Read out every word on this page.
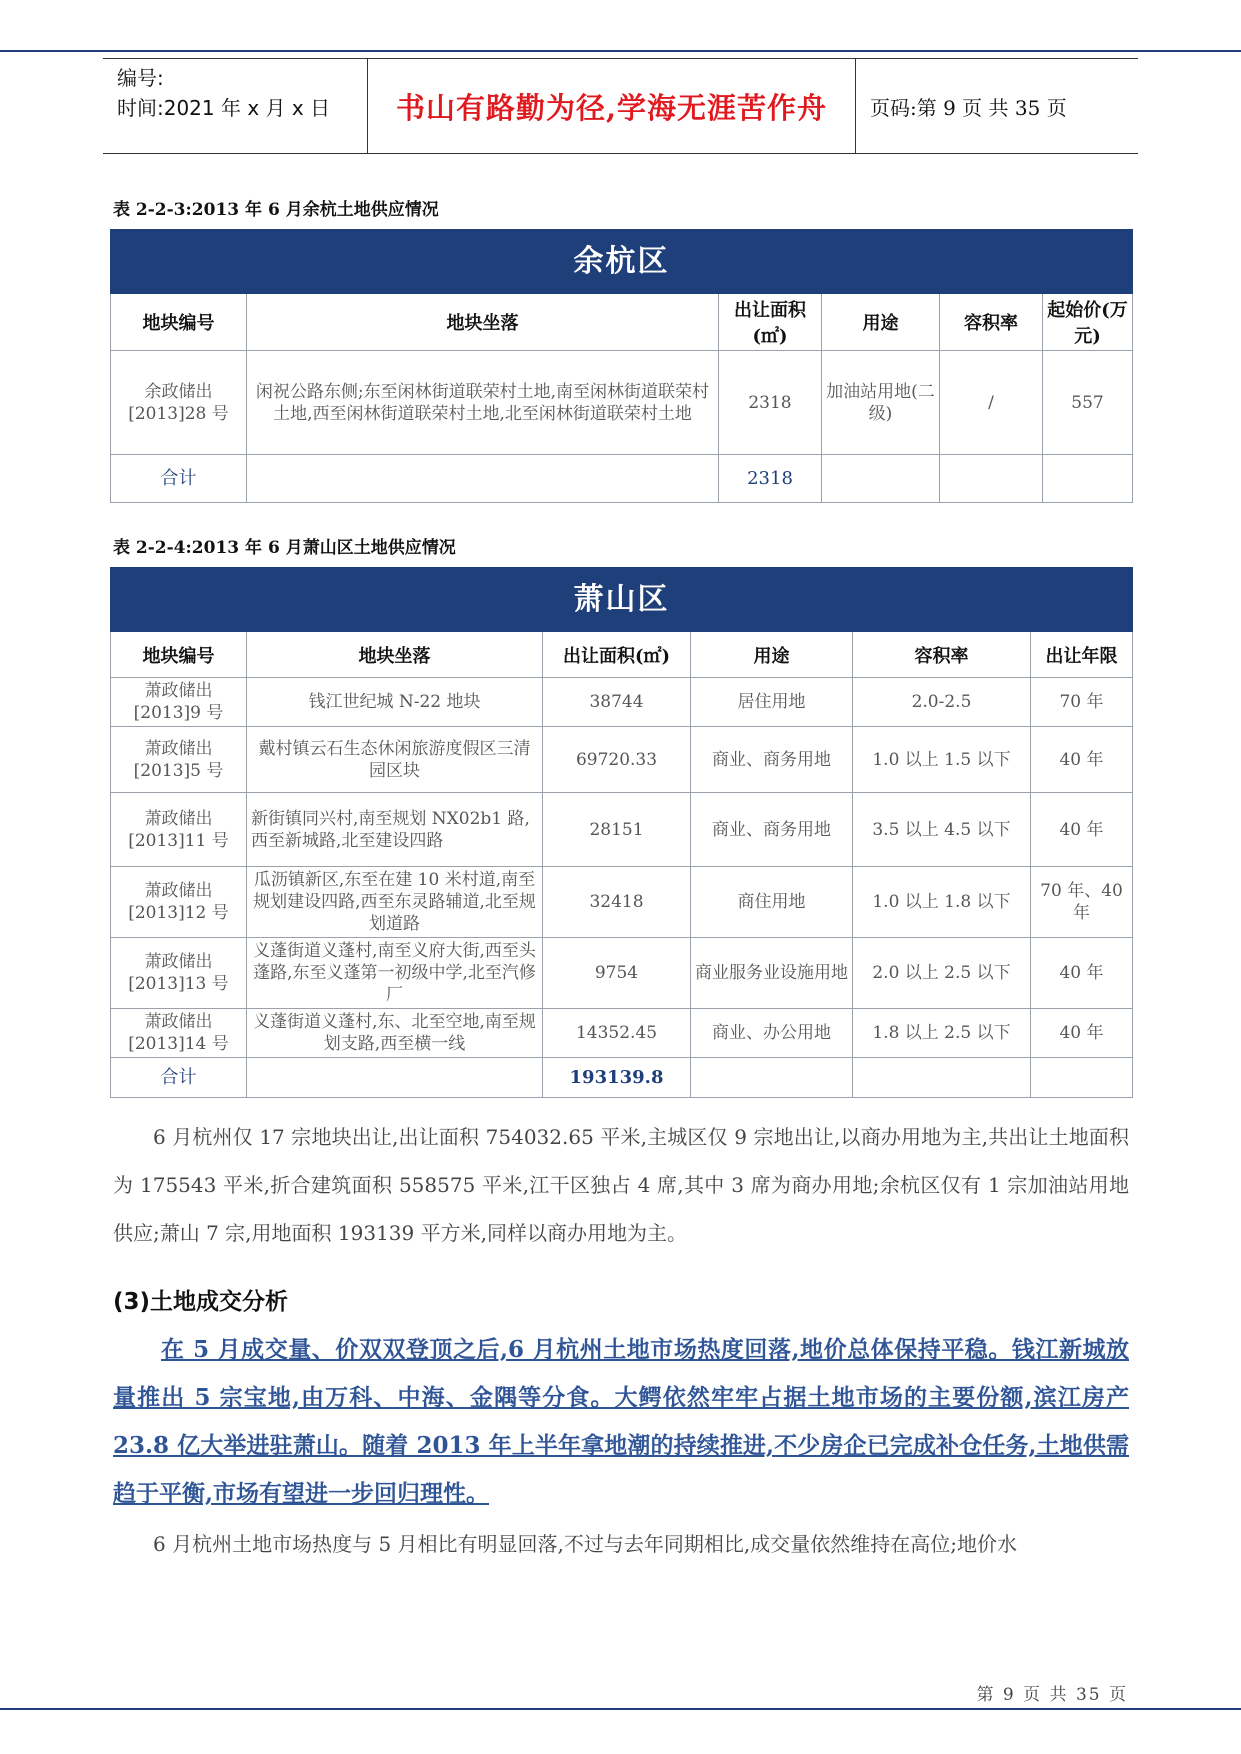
编号:
时间:2021 年 x 月 x 日	书山有路勤为径,学海无涯苦作舟	页码:第 9 页 共 35 页
表 2-2-3:2013 年 6 月余杭土地供应情况
余杭区					
地块编号	地块坐落	出让面积(㎡)	用途	容积率	起始价(万元)
余政储出[2013]28 号	闲祝公路东侧;东至闲林街道联荣村土地,南至闲林街道联荣村土地,西至闲林街道联荣村土地,北至闲林街道联荣村土地	2318	加油站用地(二级)	/	557
合计		2318			
表 2-2-4:2013 年 6 月萧山区土地供应情况
萧山区					
地块编号	地块坐落	出让面积(㎡)	用途	容积率	出让年限
萧政储出[2013]9 号	钱江世纪城 N-22 地块	38744	居住用地	2.0-2.5	70 年
萧政储出[2013]5 号	戴村镇云石生态休闲旅游度假区三清园区块	69720.33	商业、商务用地	1.0 以上 1.5 以下	40 年
萧政储出[2013]11 号	新街镇同兴村,南至规划 NX02b1 路,西至新城路,北至建设四路	28151	商业、商务用地	3.5 以上 4.5 以下	40 年
萧政储出[2013]12 号	瓜沥镇新区,东至在建 10 米村道,南至规划建设四路,西至东灵路辅道,北至规划道路	32418	商住用地	1.0 以上 1.8 以下	70 年、40 年
萧政储出[2013]13 号	义蓬街道义蓬村,南至义府大街,西至头蓬路,东至义蓬第一初级中学,北至汽修厂	9754	商业服务业设施用地	2.0 以上 2.5 以下	40 年
萧政储出[2013]14 号	义蓬街道义蓬村,东、北至空地,南至规划支路,西至横一线	14352.45	商业、办公用地	1.8 以上 2.5 以下	40 年
合计		193139.8			

6 月杭州仅 17 宗地块出让,出让面积 754032.65 平米,主城区仅 9 宗地出让,以商办用地为主,共出让土地面积为 175543 平米,折合建筑面积 558575 平米,江干区独占 4 席,其中 3 席为商办用地;余杭区仅有 1 宗加油站用地供应;萧山 7 宗,用地面积 193139 平方米,同样以商办用地为主。

(3)土地成交分析

在 5 月成交量、价双双登顶之后,6 月杭州土地市场热度回落,地价总体保持平稳。钱江新城放量推出 5 宗宝地,由万科、中海、金隅等分食。大鳄依然牢牢占据土地市场的主要份额,滨江房产 23.8 亿大举进驻萧山。随着 2013 年上半年拿地潮的持续推进,不少房企已完成补仓任务,土地供需趋于平衡,市场有望进一步回归理性。

6 月杭州土地市场热度与 5 月相比有明显回落,不过与去年同期相比,成交量依然维持在高位;地价水

第 9 页 共 35 页
